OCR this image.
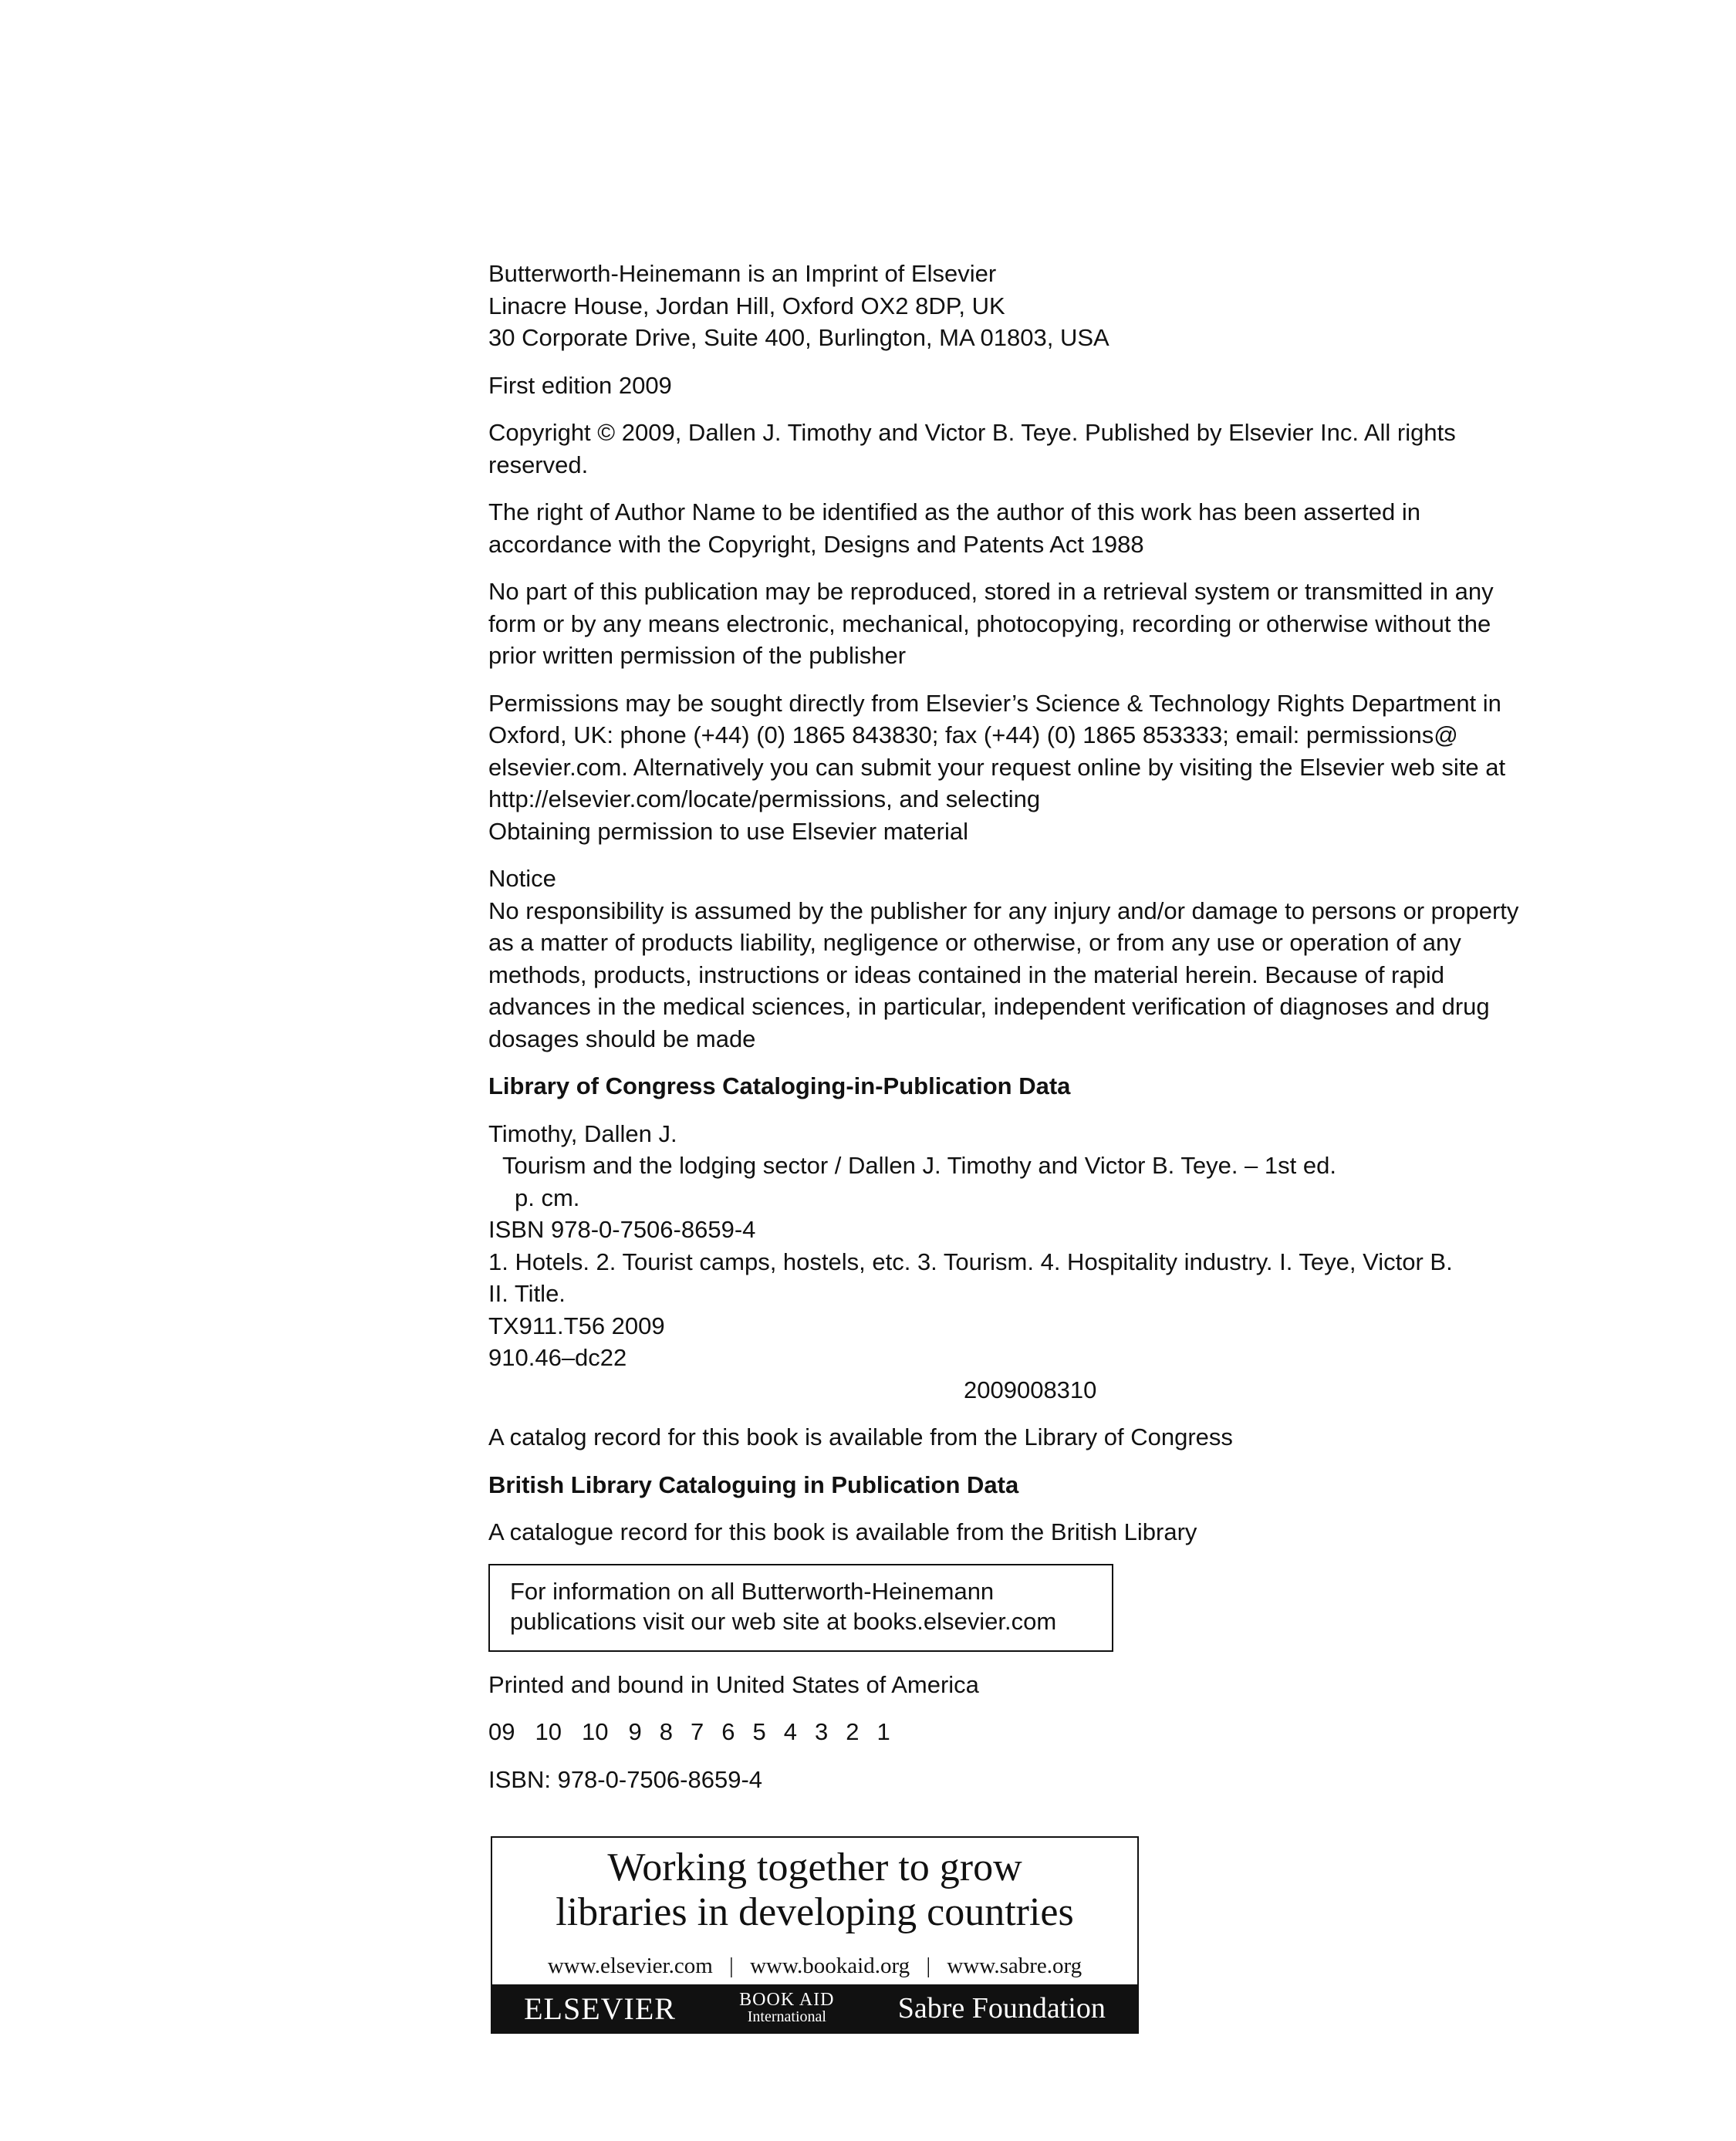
Butterworth-Heinemann is an Imprint of Elsevier
Linacre House, Jordan Hill, Oxford OX2 8DP, UK
30 Corporate Drive, Suite 400, Burlington, MA 01803, USA
First edition 2009
Copyright © 2009, Dallen J. Timothy and Victor B. Teye. Published by Elsevier Inc. All rights
reserved.
The right of Author Name to be identified as the author of this work has been asserted in
accordance with the Copyright, Designs and Patents Act 1988
No part of this publication may be reproduced, stored in a retrieval system or transmitted in any
form or by any means electronic, mechanical, photocopying, recording or otherwise without the
prior written permission of the publisher
Permissions may be sought directly from Elsevier’s Science & Technology Rights Department in
Oxford, UK: phone (+44) (0) 1865 843830; fax (+44) (0) 1865 853333; email: permissions@
elsevier.com. Alternatively you can submit your request online by visiting the Elsevier web site at
http://elsevier.com/locate/permissions, and selecting
Obtaining permission to use Elsevier material
Notice
No responsibility is assumed by the publisher for any injury and/or damage to persons or property
as a matter of products liability, negligence or otherwise, or from any use or operation of any
methods, products, instructions or ideas contained in the material herein. Because of rapid
advances in the medical sciences, in particular, independent verification of diagnoses and drug
dosages should be made
Library of Congress Cataloging-in-Publication Data
Timothy, Dallen J.
Tourism and the lodging sector / Dallen J. Timothy and Victor B. Teye. – 1st ed.
p. cm.
ISBN 978-0-7506-8659-4
1. Hotels. 2. Tourist camps, hostels, etc. 3. Tourism. 4. Hospitality industry. I. Teye, Victor B.
II. Title.
TX911.T56 2009
910.46–dc22
2009008310
A catalog record for this book is available from the Library of Congress
British Library Cataloguing in Publication Data
A catalogue record for this book is available from the British Library
For information on all Butterworth-Heinemann
publications visit our web site at books.elsevier.com
Printed and bound in United States of America
09 10 10 9 8 7 6 5 4 3 2 1
ISBN: 978-0-7506-8659-4
Working together to grow
libraries in developing countries
www.elsevier.com | www.bookaid.org | www.sabre.org
ELSEVIER	BOOK AID
International Sabre Foundation
